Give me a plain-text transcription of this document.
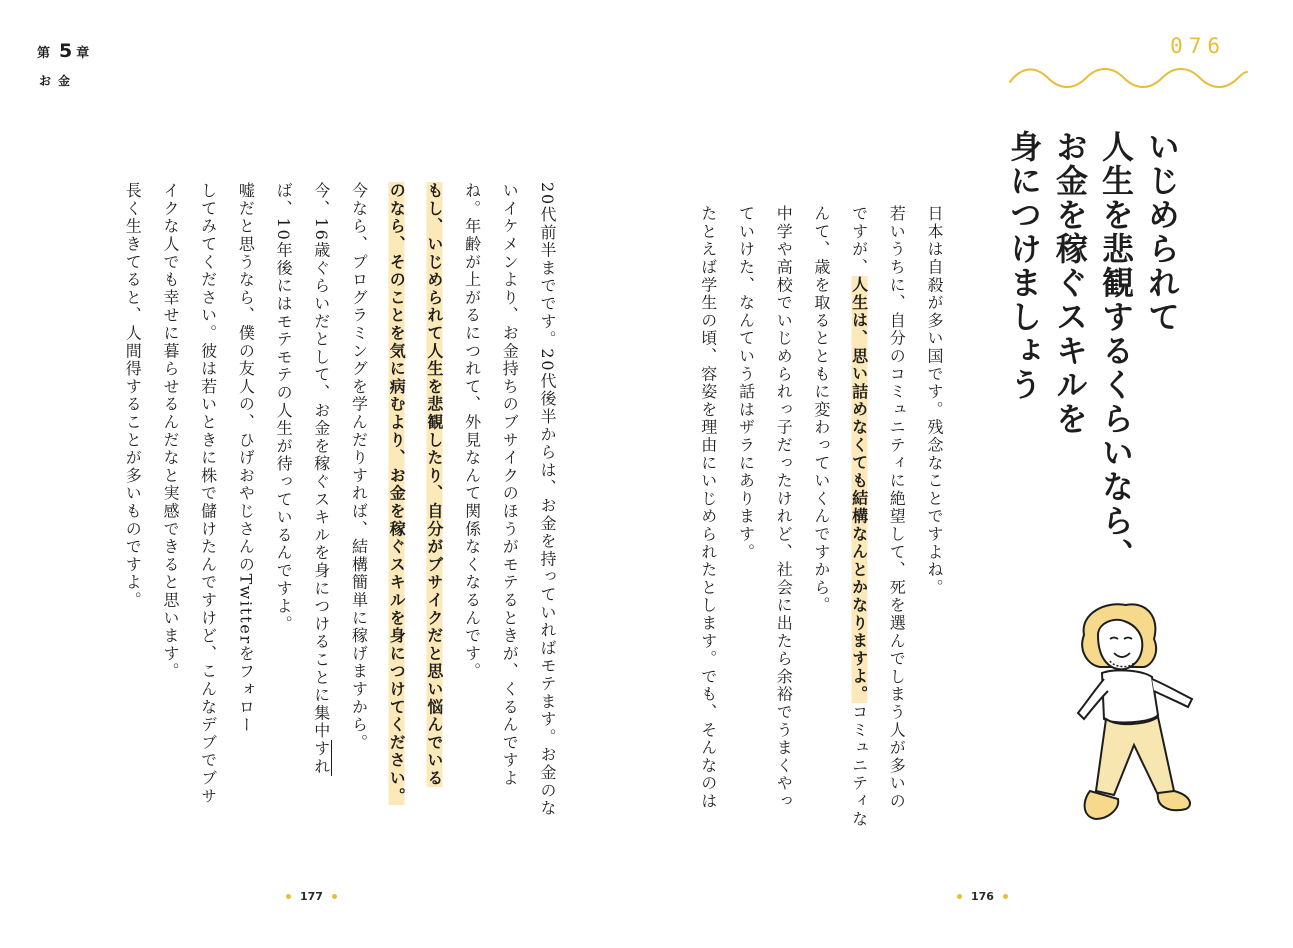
第 5 章
お金

20代前半までです。20代後半からは、お金を持っていればモテます。お金のな

いイケメンより、お金持ちのブサイクのほうがモテるときが、くるんですよ

ね。年齢が上がるにつれて、外見なんて関係なくなるんです。

もし、いじめられて人生を悲観したり、自分がブサイクだと思い悩んでいる

のなら、そのことを気に病むより、お金を稼ぐスキルを身につけてください。

今なら、プログラミングを学んだりすれば、結構簡単に稼げますから。

今、16歳ぐらいだとして、お金を稼ぐスキルを身につけることに集中すれ

ば、10年後にはモテモテの人生が待っているんですよ。

嘘だと思うなら、僕の友人の、ひげおやじさんのTwitterをフォロー

してみてください。彼は若いときに株で儲けたんですけど、こんなデブでブサ

イクな人でも幸せに暮らせるんだなと実感できると思います。

長く生きてると、人間得することが多いものですよ。

177
076
いじめられて
人生を悲観するくらいなら、
お金を稼ぐスキルを
身につけましょう

日本は自殺が多い国です。残念なことですよね。

若いうちに、自分のコミュニティに絶望して、死を選んでしまう人が多いの

ですが、人生は、思い詰めなくても結構なんとかなりますよ。コミュニティな

んて、歳を取るとともに変わっていくんですから。

中学や高校でいじめられっ子だったけれど、社会に出たら余裕でうまくやっ

ていけた、なんていう話はザラにあります。

たとえば学生の頃、容姿を理由にいじめられたとします。でも、そんなのは

176
